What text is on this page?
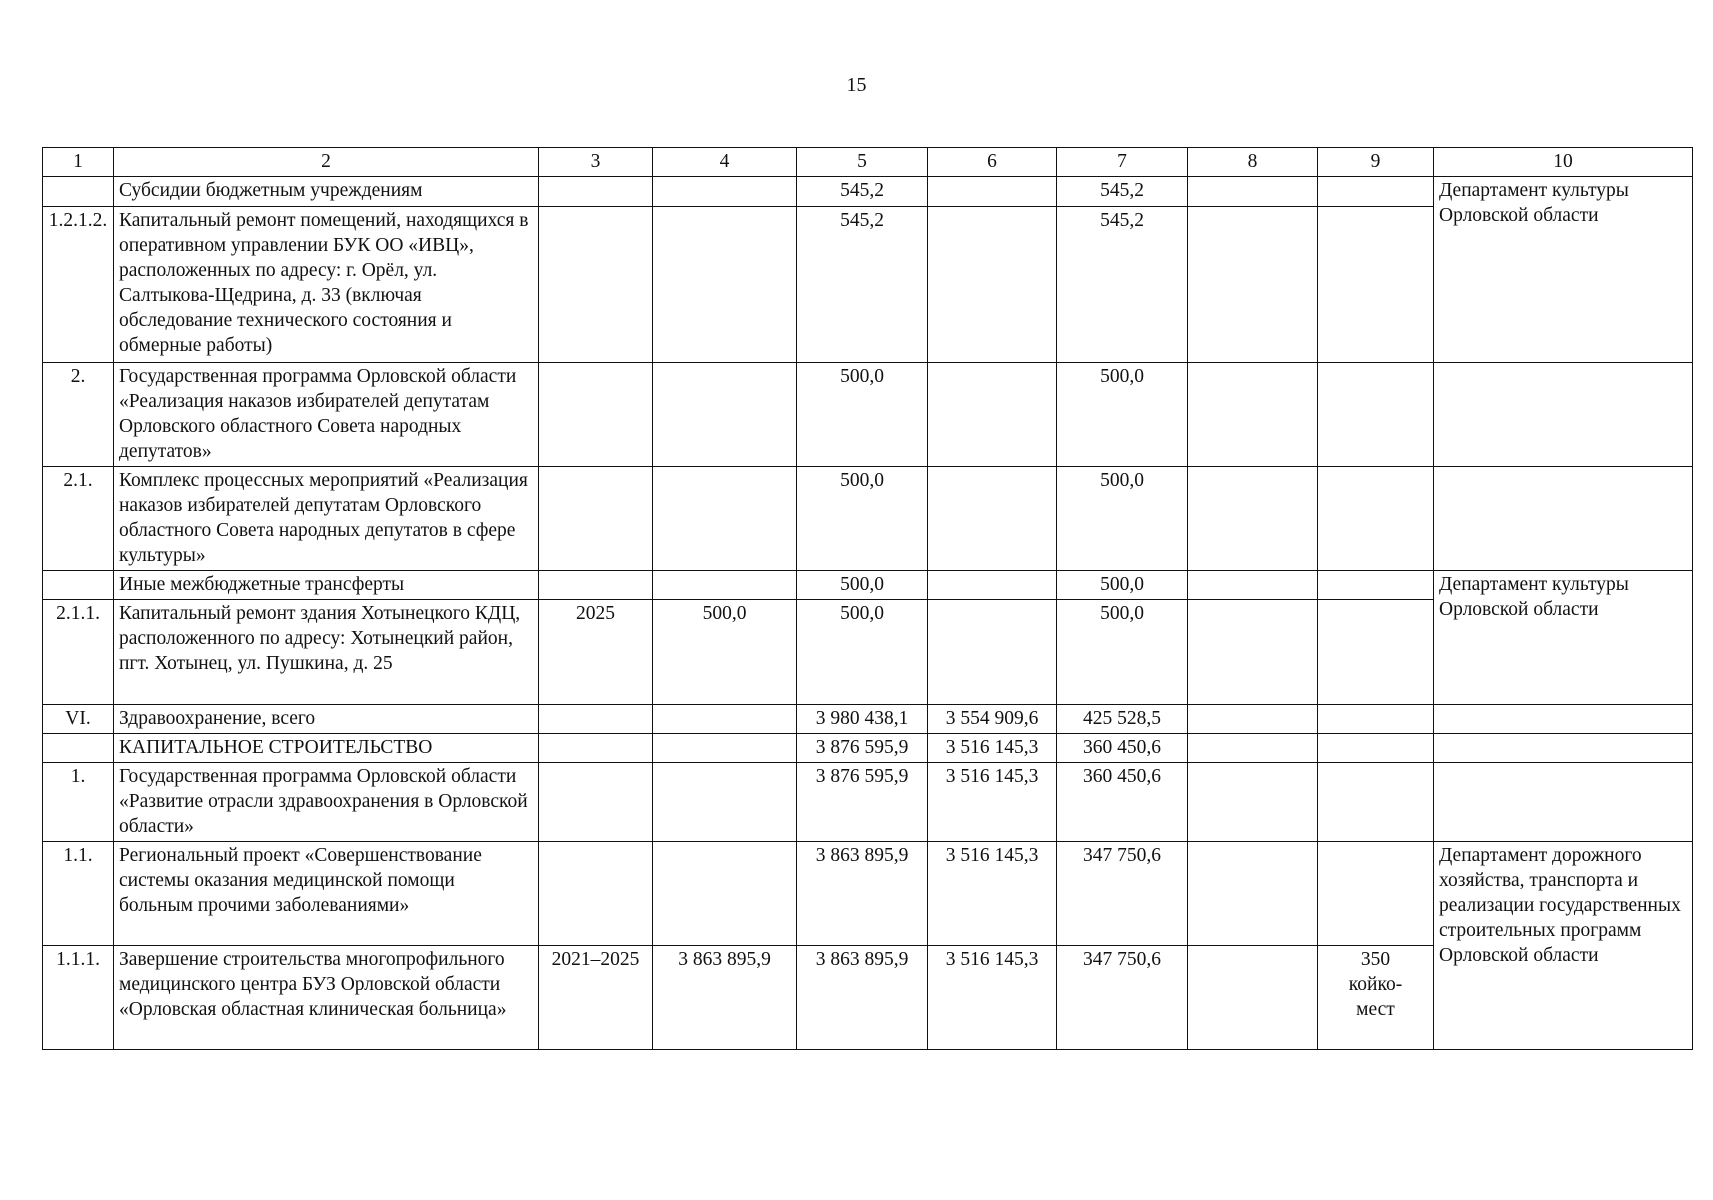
15
1	2	3	4	5	6	7	8	9	10
	Субсидии бюджетным учреждениям			545,2		545,2			Департамент культуры Орловской области
1.2.1.2.	Капитальный ремонт помещений, находящихся в оперативном управлении БУК ОО «ИВЦ», расположенных по адресу: г. Орёл, ул. Салтыкова-Щедрина, д. 33 (включая обследование технического состояния и обмерные работы)			545,2		545,2			
2.	Государственная программа Орловской области «Реализация наказов избирателей депутатам Орловского областного Совета народных депутатов»			500,0		500,0			
2.1.	Комплекс процессных мероприятий «Реализация наказов избирателей депутатам Орловского областного Совета народных депутатов в сфере культуры»			500,0		500,0			
	Иные межбюджетные трансферты			500,0		500,0			Департамент культуры Орловской области
2.1.1.	Капитальный ремонт здания Хотынецкого КДЦ, расположенного по адресу: Хотынецкий район, пгт. Хотынец, ул. Пушкина, д. 25	2025	500,0	500,0		500,0			
VI.	Здравоохранение, всего			3 980 438,1	3 554 909,6	425 528,5			
	КАПИТАЛЬНОЕ СТРОИТЕЛЬСТВО			3 876 595,9	3 516 145,3	360 450,6			
1.	Государственная программа Орловской области «Развитие отрасли здравоохранения в Орловской области»			3 876 595,9	3 516 145,3	360 450,6			
1.1.	Региональный проект «Совершенствование системы оказания медицинской помощи больным прочими заболеваниями»			3 863 895,9	3 516 145,3	347 750,6			Департамент дорожного хозяйства, транспорта и реализации государственных строительных программ Орловской области
1.1.1.	Завершение строительства многопрофильного медицинского центра БУЗ Орловской области «Орловская областная клиническая больница»	2021–2025	3 863 895,9	3 863 895,9	3 516 145,3	347 750,6		350 койко-мест	
